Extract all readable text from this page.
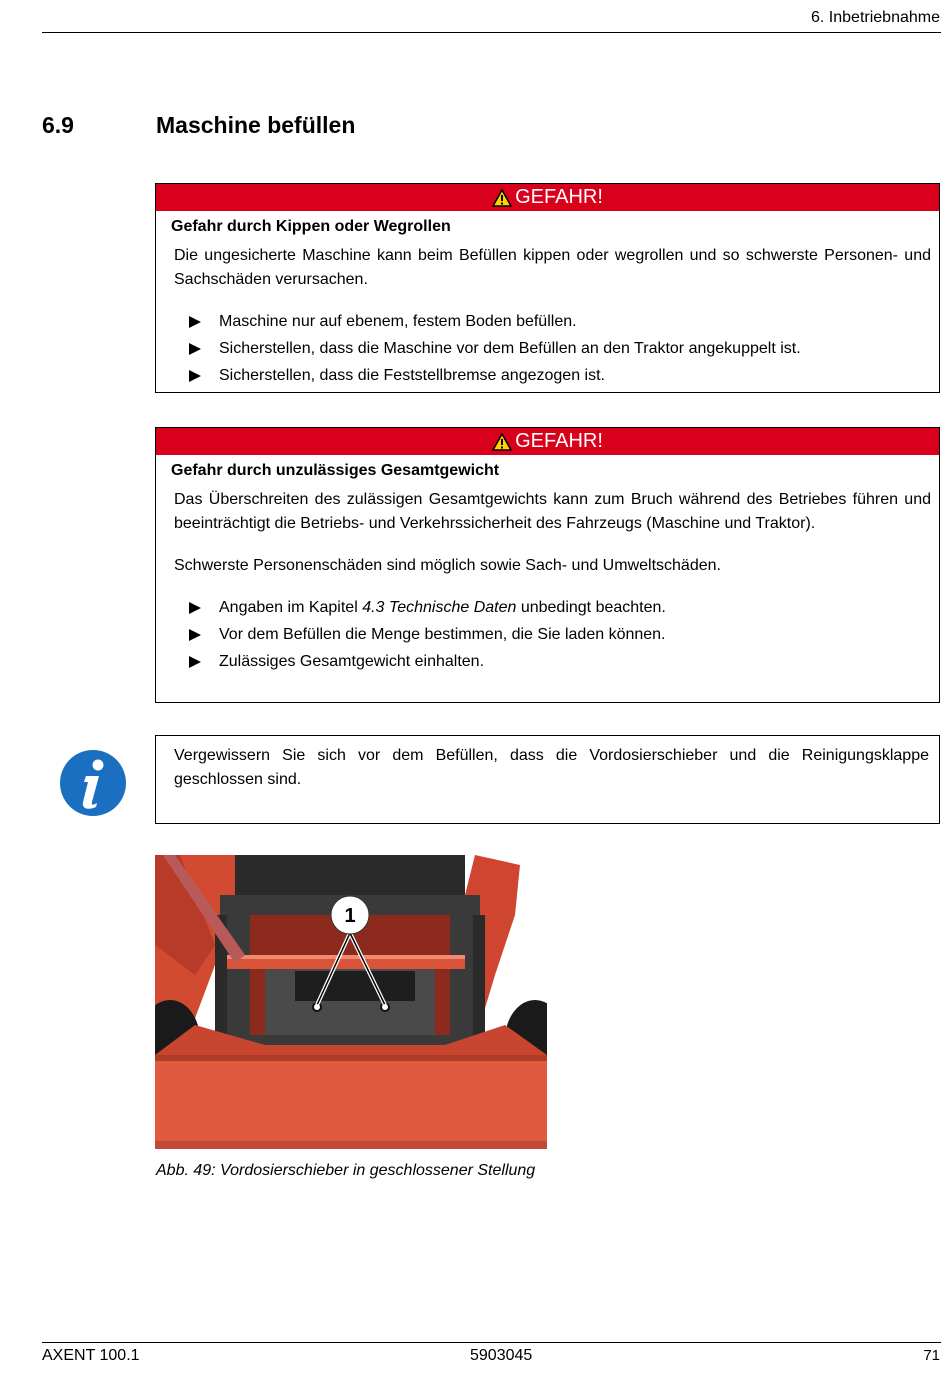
6. Inbetriebnahme
6.9	Maschine befüllen
GEFAHR!
Gefahr durch Kippen oder Wegrollen
Die ungesicherte Maschine kann beim Befüllen kippen oder wegrollen und so schwerste Personen- und Sachschäden verursachen.
Maschine nur auf ebenem, festem Boden befüllen.
Sicherstellen, dass die Maschine vor dem Befüllen an den Traktor angekuppelt ist.
Sicherstellen, dass die Feststellbremse angezogen ist.
GEFAHR!
Gefahr durch unzulässiges Gesamtgewicht
Das Überschreiten des zulässigen Gesamtgewichts kann zum Bruch während des Betriebes führen und beeinträchtigt die Betriebs- und Verkehrssicherheit des Fahrzeugs (Maschine und Traktor).
Schwerste Personenschäden sind möglich sowie Sach- und Umweltschäden.
Angaben im Kapitel 4.3 Technische Daten unbedingt beachten.
Vor dem Befüllen die Menge bestimmen, die Sie laden können.
Zulässiges Gesamtgewicht einhalten.
Vergewissern Sie sich vor dem Befüllen, dass die Vordosierschieber und die Reinigungsklappe geschlossen sind.
1
Abb. 49: Vordosierschieber in geschlossener Stellung
AXENT 100.1	5903045	71
